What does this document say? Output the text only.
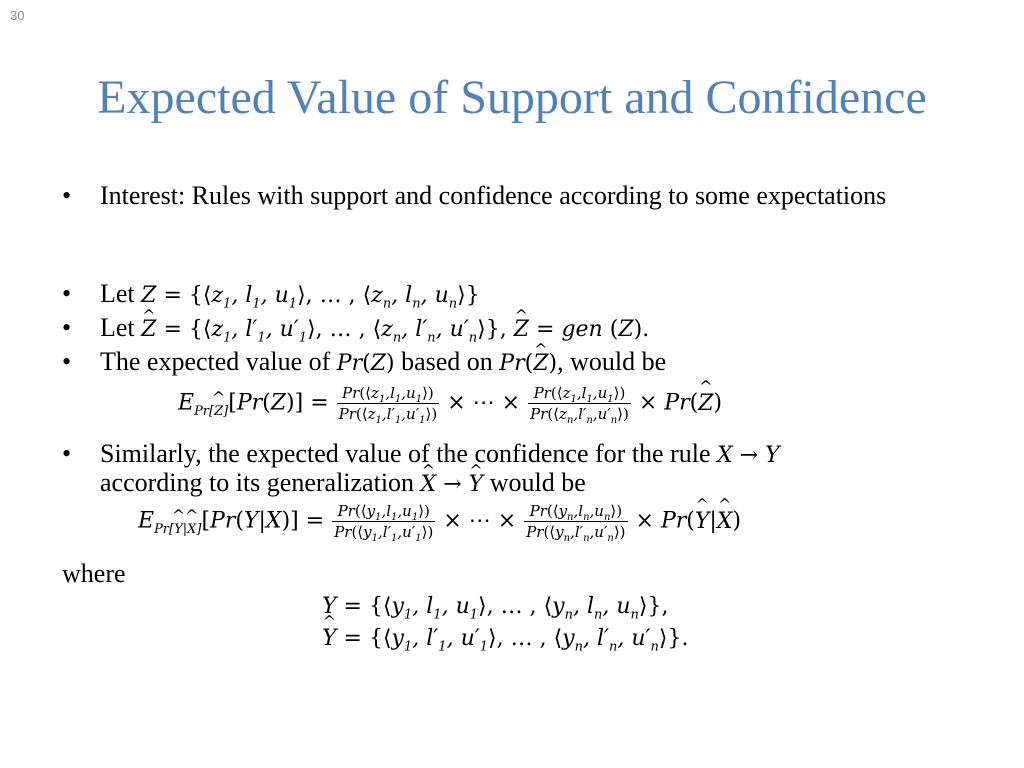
30
Expected Value of Support and Confidence
• Interest: Rules with support and confidence according to some expectations
• Let $Z = \{⟨z_1$, $l_1$, $u_1⟩$, … , $⟨z_n$, $l_n$, $u_n⟩$}
• Let ^ $Z = \{⟨z_1$, $l'_1$, $u'_1⟩$, … , $⟨z_n$, $l'_n$, $u'_n⟩$}, ^ Z = gen (Z).
• The expected value of Pr(Z) based on Pr(^ Z), would be
$E_{Pr[Z]}[Pr(Z)] = \frac{Pr(⟨z_1,l_1,u_1⟩)}{Pr(⟨z_1,l'_1,u'_1⟩)}$ × ⋯ × $\frac{Pr(⟨z_1,l_1,u_1⟩)}{Pr(⟨z_n,l'_n,u'_n⟩)}$ × Pr(^ Z)
• Similarly, the expected value of the confidence for the rule X → Y
according to its generalization ^ X → ^ Y would be
$E_{Pr[Y|X]}[Pr(Y|X)] = \frac{Pr(⟨y_1,l_1,u_1⟩)}{Pr(⟨y_1,l'_1,u'_1⟩)}$ × ⋯ × $\frac{Pr(⟨y_n,l_n,u_n⟩)}{Pr(⟨y_n,l'_n,u'_n⟩)}$ × Pr(^ Y|^ X)
where
$Y = \{⟨y_1$, $l_1$, $u_1⟩$, … , $⟨y_n$, $l_n$, $u_n⟩$},
^ $Y = \{⟨y_1$, $l'_1$, $u'_1⟩$, … , $⟨y_n$, $l'_n$, $u'_n⟩$}.
